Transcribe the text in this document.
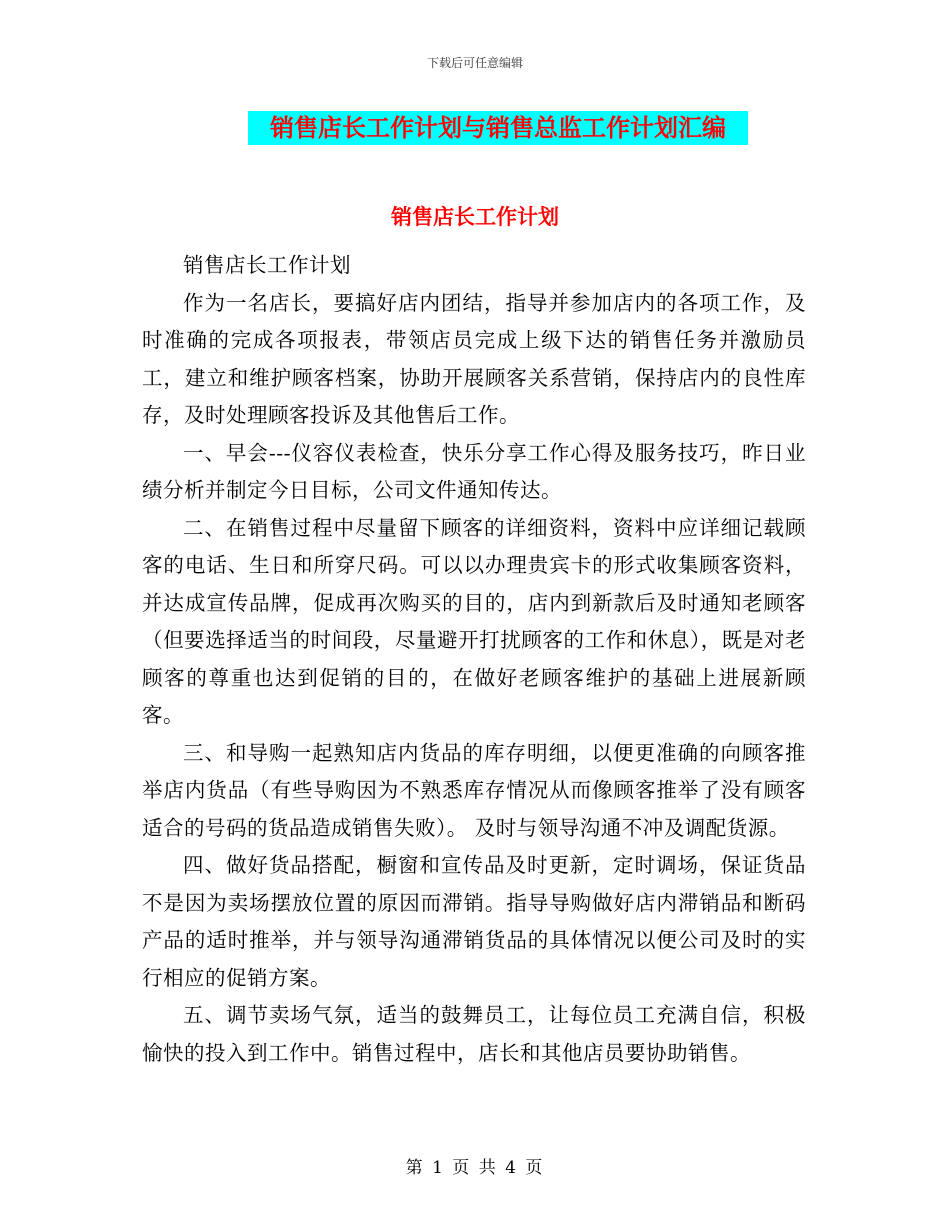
下载后可任意编辑
销售店长工作计划与销售总监工作计划汇编
销售店长工作计划

销售店长工作计划

作为一名店长，要搞好店内团结，指导并参加店内的各项工作，及时准确的完成各项报表，带领店员完成上级下达的销售任务并激励员工，建立和维护顾客档案，协助开展顾客关系营销，保持店内的良性库存，及时处理顾客投诉及其他售后工作。

一、早会---仪容仪表检查，快乐分享工作心得及服务技巧，昨日业绩分析并制定今日目标，公司文件通知传达。

二、在销售过程中尽量留下顾客的详细资料，资料中应详细记载顾客的电话、生日和所穿尺码。可以以办理贵宾卡的形式收集顾客资料，并达成宣传品牌，促成再次购买的目的，店内到新款后及时通知老顾客（但要选择适当的时间段，尽量避开打扰顾客的工作和休息），既是对老顾客的尊重也达到促销的目的，在做好老顾客维护的基础上进展新顾客。

三、和导购一起熟知店内货品的库存明细，以便更准确的向顾客推举店内货品（有些导购因为不熟悉库存情况从而像顾客推举了没有顾客适合的号码的货品造成销售失败）。 及时与领导沟通不冲及调配货源。

四、做好货品搭配，橱窗和宣传品及时更新，定时调场，保证货品不是因为卖场摆放位置的原因而滞销。指导导购做好店内滞销品和断码产品的适时推举，并与领导沟通滞销货品的具体情况以便公司及时的实行相应的促销方案。

五、调节卖场气氛，适当的鼓舞员工，让每位员工充满自信，积极愉快的投入到工作中。销售过程中，店长和其他店员要协助销售。

第 1 页 共 4 页
